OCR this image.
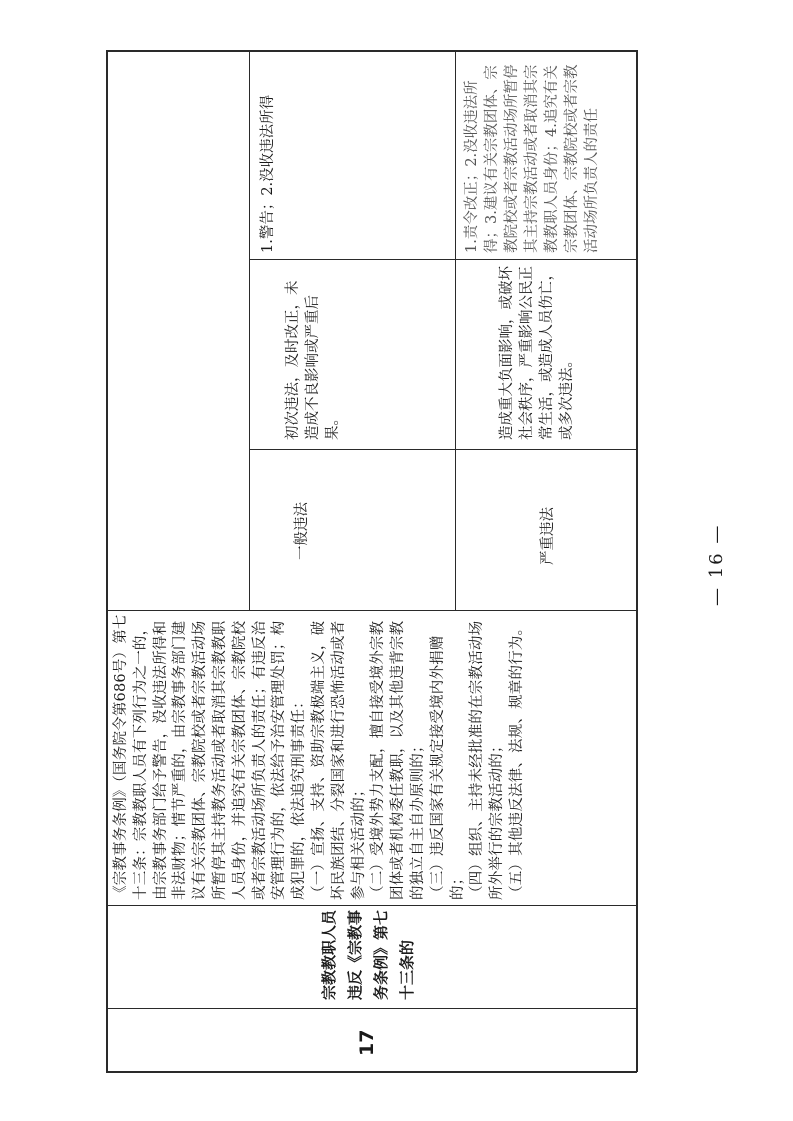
17
宗教教职人员违反《宗教事务条例》第七十三条的

《宗教事务条例》（国务院令第686号）第七十三条：宗教教职人员有下列行为之一的，由宗教事务部门给予警告，没收违法所得和非法财物；情节严重的，由宗教事务部门建议有关宗教团体、宗教院校或者宗教活动场所暂停其主持教务活动或者取消其宗教教职人员身份，并追究有关宗教团体、宗教院校或者宗教活动场所负责人的责任；有违反治安管理行为的，依法给予治安管理处罚；构成犯罪的，依法追究刑事责任： （一）宣扬、支持、资助宗教极端主义，破坏民族团结、分裂国家和进行恐怖活动或者参与相关活动的； （二）受境外势力支配，擅自接受境外宗教团体或者机构委任教职，以及其他违背宗教的独立自主自办原则的； （三）违反国家有关规定接受境内外捐赠的； （四）组织、主持未经批准的在宗教活动场所外举行的宗教活动的； （五）其他违反法律、法规、规章的行为。

一般违法
初次违法，及时改正，未造成不良影响或严重后果。
1.警告；2.没收违法所得
严重违法
造成重大负面影响，或破坏社会秩序，严重影响公民正常生活，或造成人员伤亡，或多次违法。
1.责令改正；2.没收违法所得；3.建议有关宗教团体、宗教院校或者宗教活动场所暂停其主持宗教活动或者取消其宗教教职人员身份；4.追究有关宗教团体、宗教院校或者宗教活动场所负责人的责任
— 16 —
